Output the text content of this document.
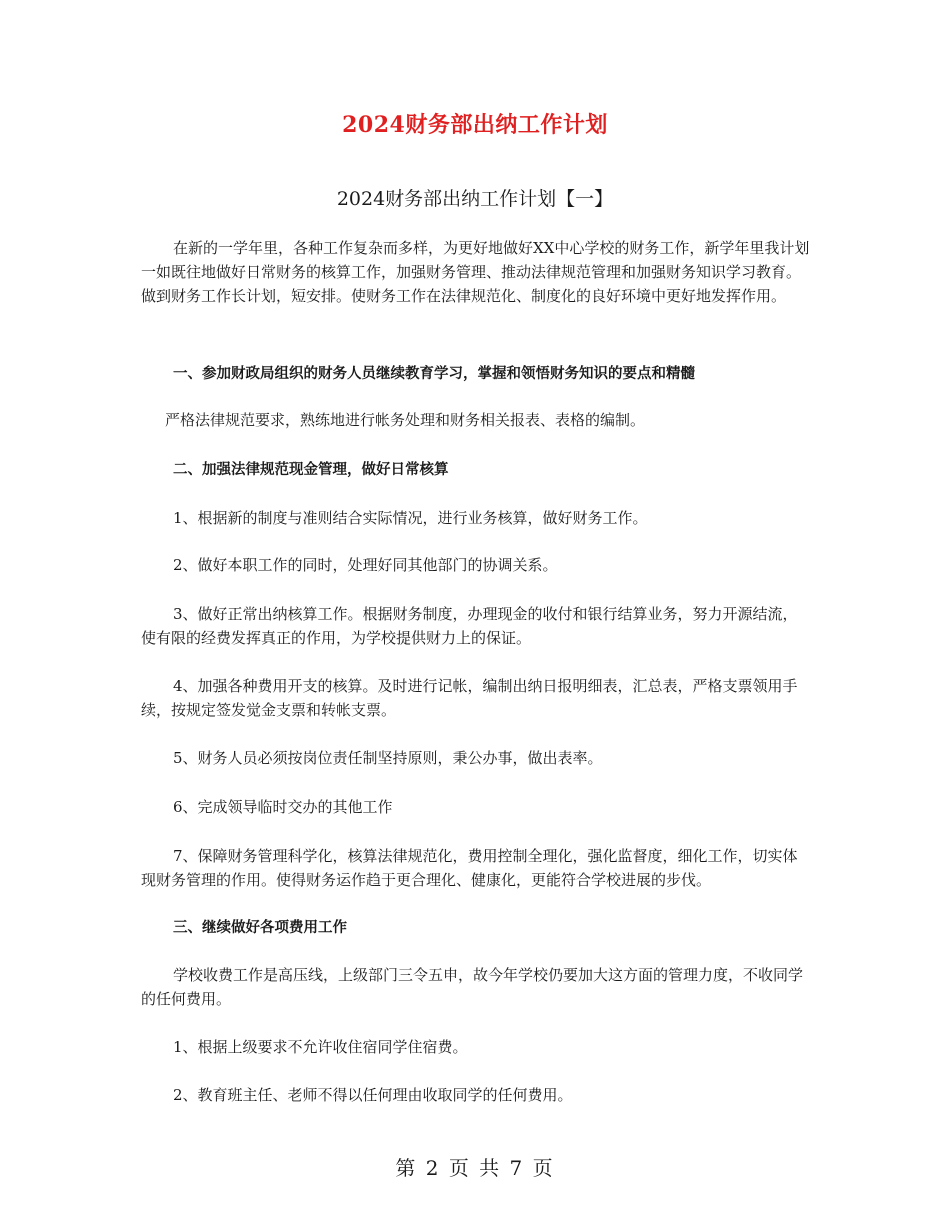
2024财务部出纳工作计划
2024财务部出纳工作计划【一】

在新的一学年里，各种工作复杂而多样，为更好地做好XX中心学校的财务工作，新学年里我计划一如既往地做好日常财务的核算工作，加强财务管理、推动法律规范管理和加强财务知识学习教育。做到财务工作长计划，短安排。使财务工作在法律规范化、制度化的良好环境中更好地发挥作用。

一、参加财政局组织的财务人员继续教育学习，掌握和领悟财务知识的要点和精髓

严格法律规范要求，熟练地进行帐务处理和财务相关报表、表格的编制。

二、加强法律规范现金管理，做好日常核算

1、根据新的制度与准则结合实际情况，进行业务核算，做好财务工作。

2、做好本职工作的同时，处理好同其他部门的协调关系。

3、做好正常出纳核算工作。根据财务制度，办理现金的收付和银行结算业务，努力开源结流，使有限的经费发挥真正的作用，为学校提供财力上的保证。

4、加强各种费用开支的核算。及时进行记帐，编制出纳日报明细表，汇总表，严格支票领用手续，按规定签发觉金支票和转帐支票。

5、财务人员必须按岗位责任制坚持原则，秉公办事，做出表率。

6、完成领导临时交办的其他工作

7、保障财务管理科学化，核算法律规范化，费用控制全理化，强化监督度，细化工作，切实体现财务管理的作用。使得财务运作趋于更合理化、健康化，更能符合学校进展的步伐。

三、继续做好各项费用工作

学校收费工作是高压线，上级部门三令五申，故今年学校仍要加大这方面的管理力度，不收同学的任何费用。

1、根据上级要求不允许收住宿同学住宿费。

2、教育班主任、老师不得以任何理由收取同学的任何费用。

第 2 页 共 7 页
